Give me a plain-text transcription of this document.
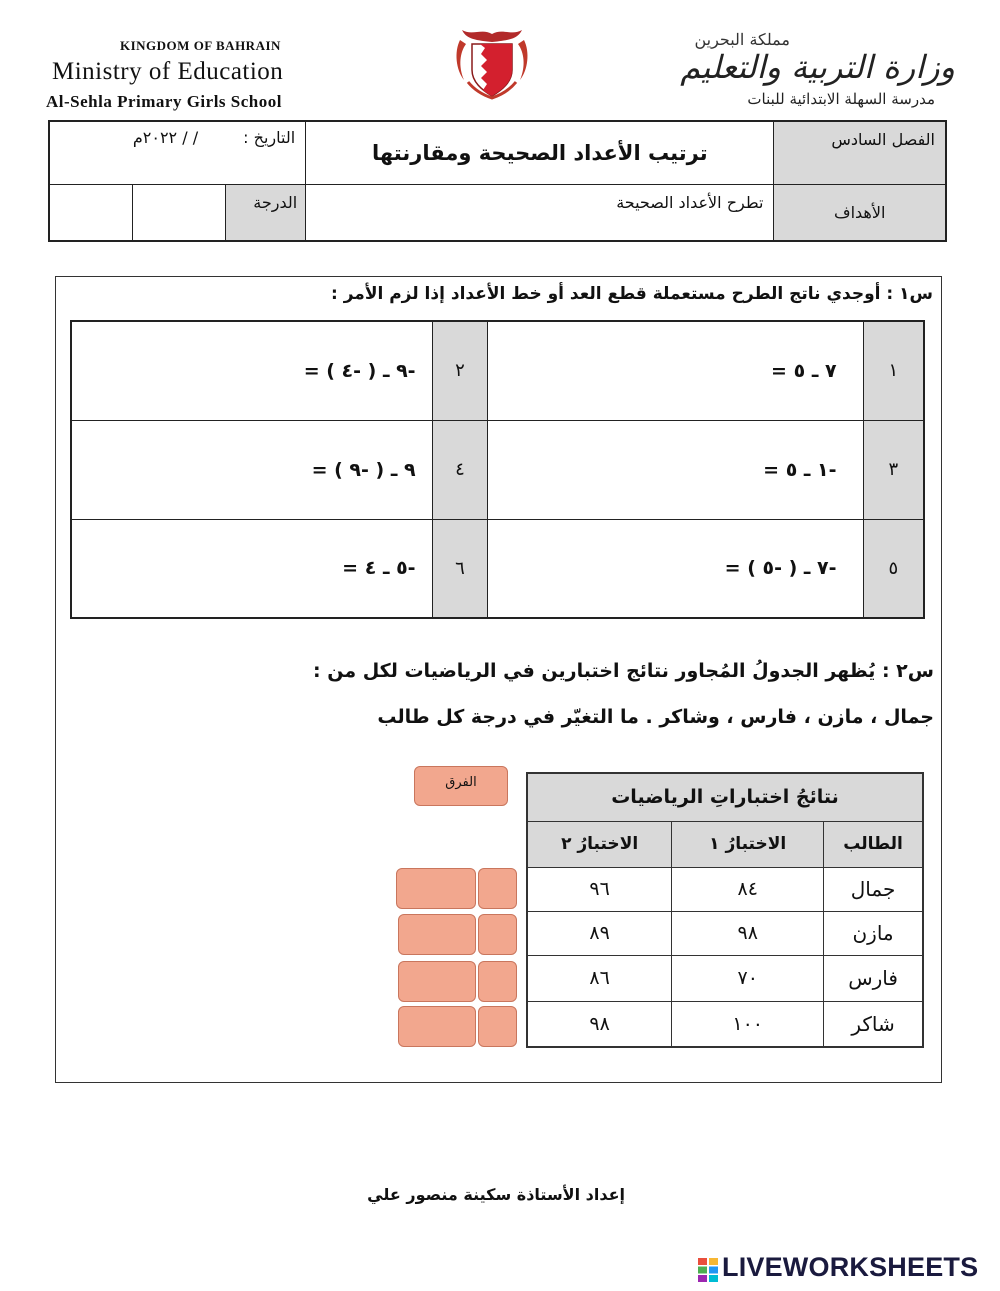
KINGDOM OF BAHRAIN
Ministry of Education
Al-Sehla Primary Girls School
مملكة البحرين
وزارة التربية والتعليم
مدرسة السهلة الابتدائية للبنات
التاريخ : / / ٢٠٢٢م	ترتيب الأعداد الصحيحة ومقارنتها	الفصل السادس

		الدرجة
		تطرح الأعداد الصحيحة	الأهداف
س١ : أوجدي ناتج الطرح مستعملة قطع العد أو خط الأعداد إذا لزم الأمر :
-٩ ـ ( -٤ ) =	٢	٧ ـ ٥ =	١
٩ ـ ( -٩ ) =	٤	-١ ـ ٥ =	٣
-٥ ـ ٤ =	٦	-٧ ـ ( -٥ ) =	٥
س٢ : يُظهر الجدولُ المُجاور نتائج اختبارين في الرياضيات لكل من :
جمال ، مازن ، فارس ، وشاكر . ما التغيّر في درجة كل طالب
الفرق
نتائجُ اختباراتِ الرياضيات		
الاختبارُ ٢	الاختبارُ ١	الطالب
٩٦	٨٤	جمال
٨٩	٩٨	مازن
٨٦	٧٠	فارس
٩٨	١٠٠	شاكر
إعداد الأستاذة سكينة منصور علي
LIVEWORKSHEETS
